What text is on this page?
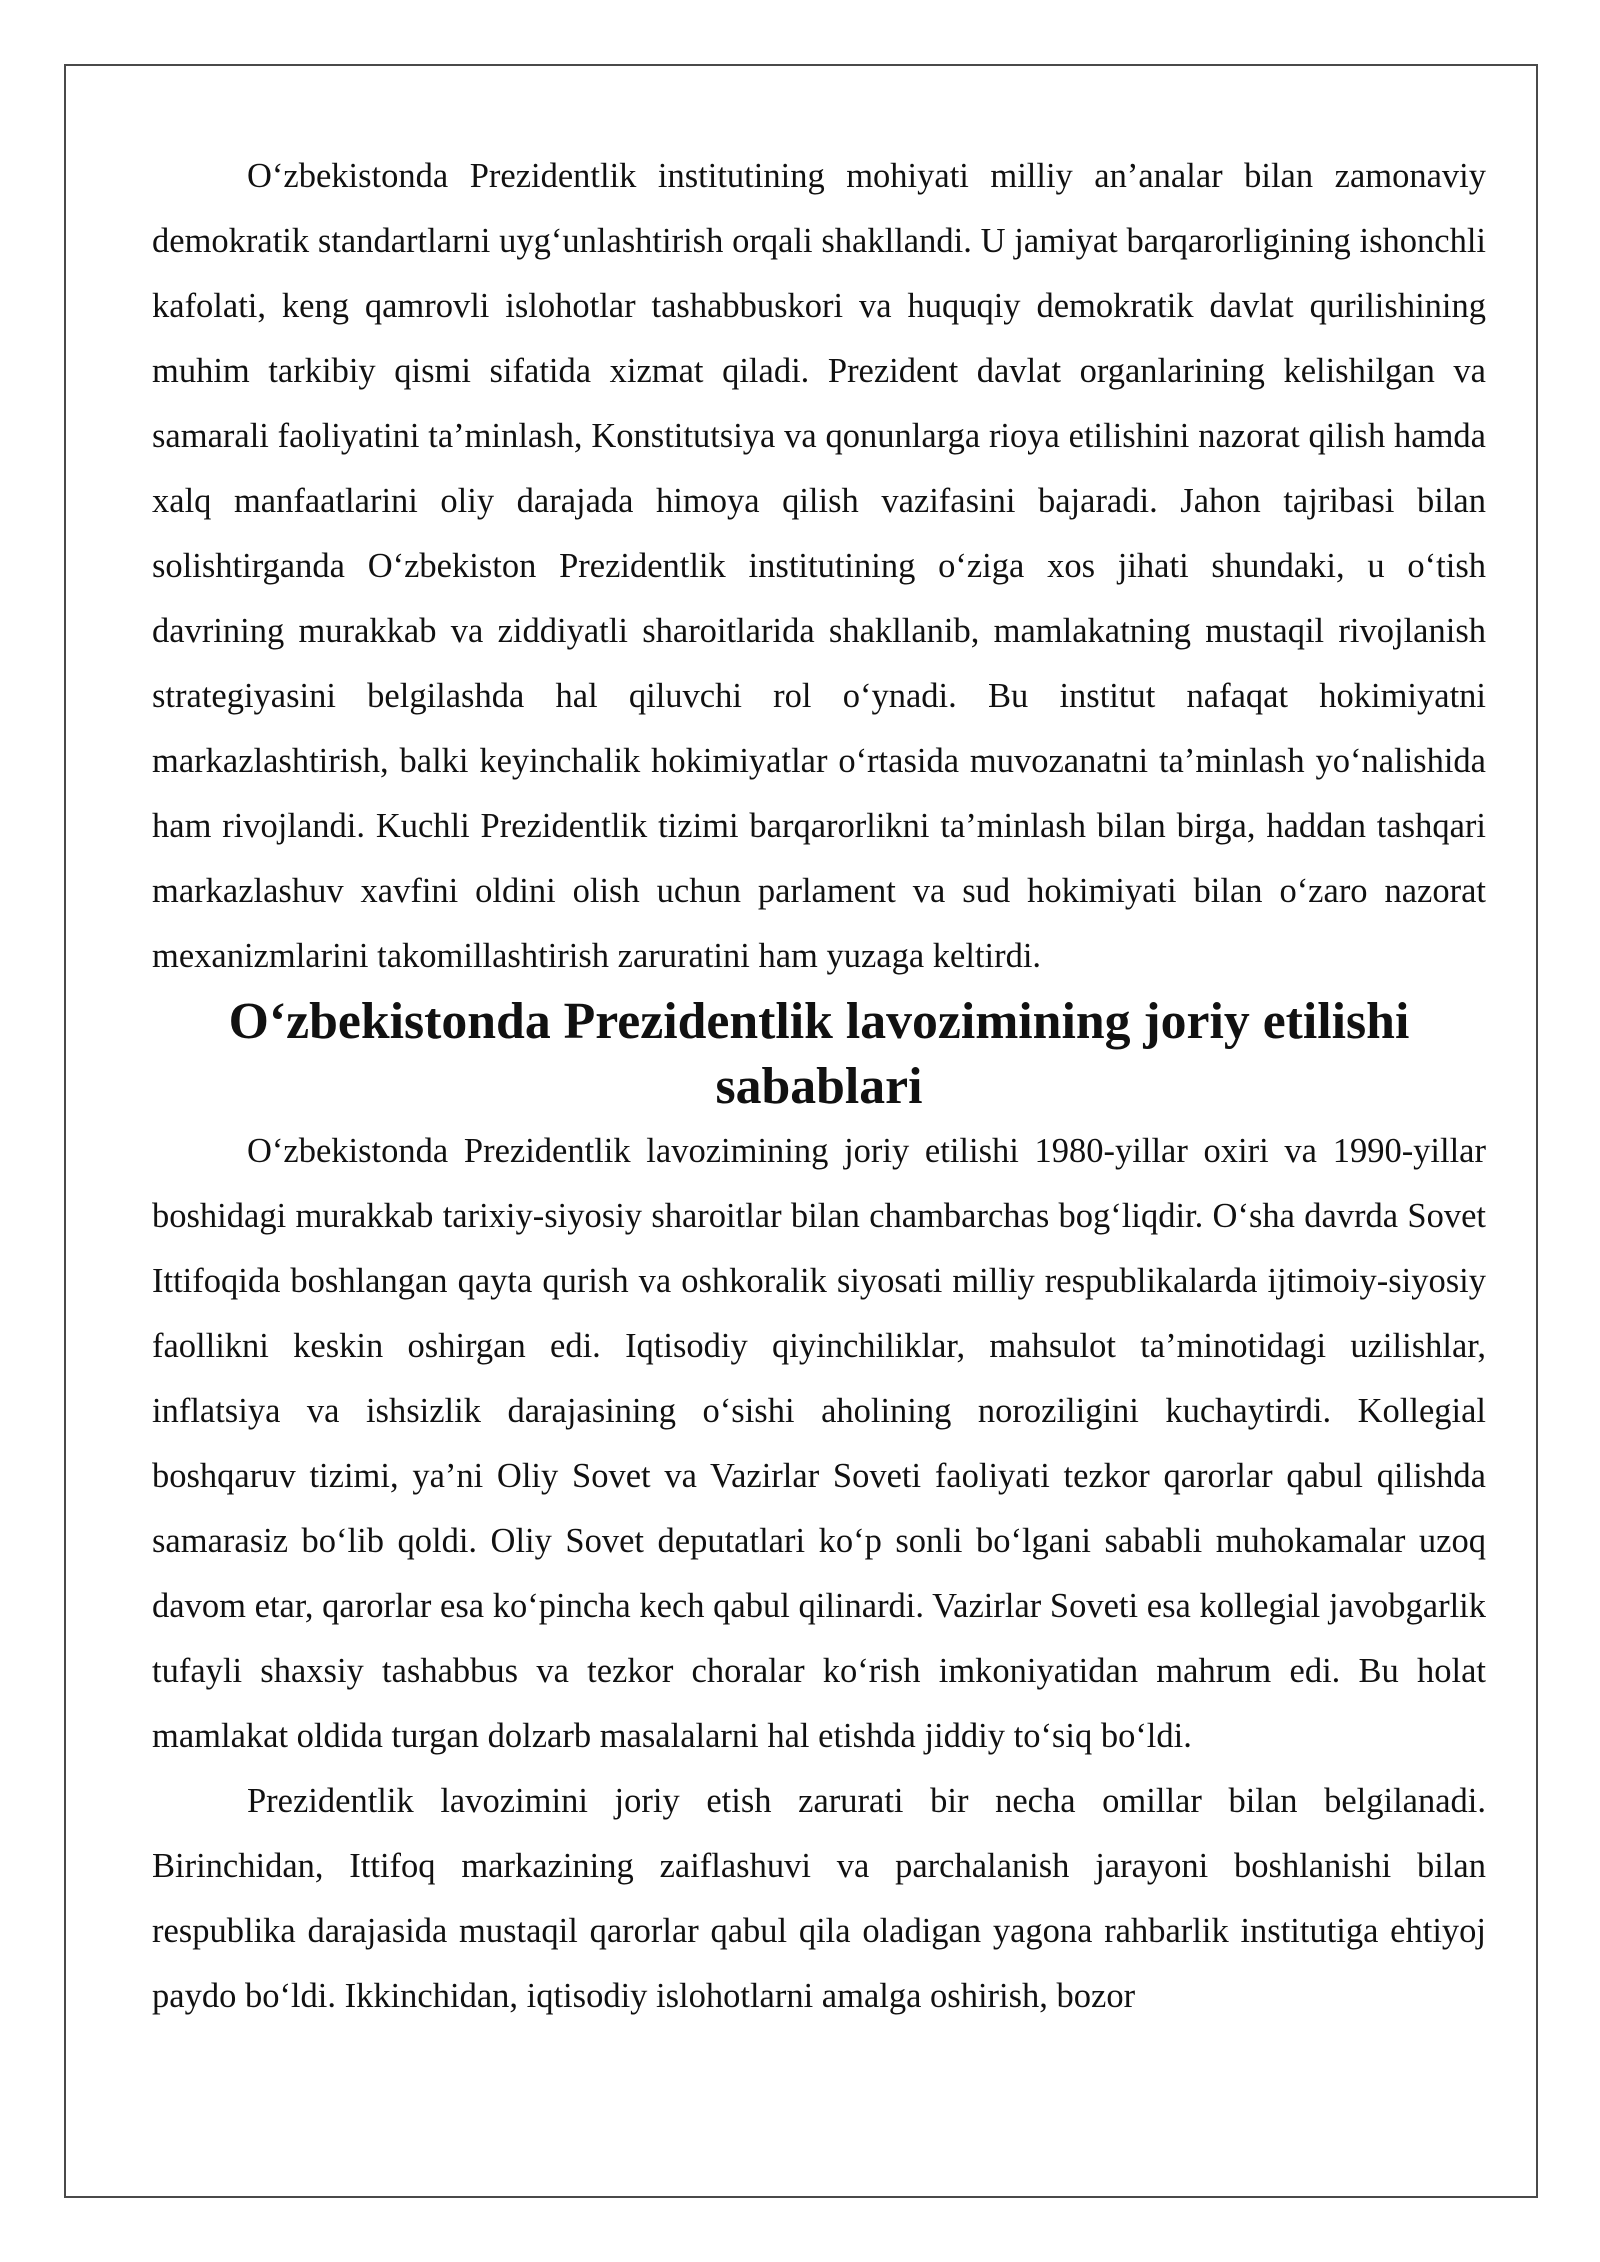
O‘zbekistonda Prezidentlik institutining mohiyati milliy an’analar bilan zamonaviy demokratik standartlarni uyg‘unlashtirish orqali shakllandi. U jamiyat barqarorligining ishonchli kafolati, keng qamrovli islohotlar tashabbuskori va huquqiy demokratik davlat qurilishining muhim tarkibiy qismi sifatida xizmat qiladi. Prezident davlat organlarining kelishilgan va samarali faoliyatini ta’minlash, Konstitutsiya va qonunlarga rioya etilishini nazorat qilish hamda xalq manfaatlarini oliy darajada himoya qilish vazifasini bajaradi. Jahon tajribasi bilan solishtirganda O‘zbekiston Prezidentlik institutining o‘ziga xos jihati shundaki, u o‘tish davrining murakkab va ziddiyatli sharoitlarida shakllanib, mamlakatning mustaqil rivojlanish strategiyasini belgilashda hal qiluvchi rol o‘ynadi. Bu institut nafaqat hokimiyatni markazlashtirish, balki keyinchalik hokimiyatlar o‘rtasida muvozanatni ta’minlash yo‘nalishida ham rivojlandi. Kuchli Prezidentlik tizimi barqarorlikni ta’minlash bilan birga, haddan tashqari markazlashuv xavfini oldini olish uchun parlament va sud hokimiyati bilan o‘zaro nazorat mexanizmlarini takomillashtirish zaruratini ham yuzaga keltirdi.

O‘zbekistonda Prezidentlik lavozimining joriy etilishi sabablari

O‘zbekistonda Prezidentlik lavozimining joriy etilishi 1980-yillar oxiri va 1990-yillar boshidagi murakkab tarixiy-siyosiy sharoitlar bilan chambarchas bog‘liqdir. O‘sha davrda Sovet Ittifoqida boshlangan qayta qurish va oshkoralik siyosati milliy respublikalarda ijtimoiy-siyosiy faollikni keskin oshirgan edi. Iqtisodiy qiyinchiliklar, mahsulot ta’minotidagi uzilishlar, inflatsiya va ishsizlik darajasining o‘sishi aholining noroziligini kuchaytirdi. Kollegial boshqaruv tizimi, ya’ni Oliy Sovet va Vazirlar Soveti faoliyati tezkor qarorlar qabul qilishda samarasiz bo‘lib qoldi. Oliy Sovet deputatlari ko‘p sonli bo‘lgani sababli muhokamalar uzoq davom etar, qarorlar esa ko‘pincha kech qabul qilinardi. Vazirlar Soveti esa kollegial javobgarlik tufayli shaxsiy tashabbus va tezkor choralar ko‘rish imkoniyatidan mahrum edi. Bu holat mamlakat oldida turgan dolzarb masalalarni hal etishda jiddiy to‘siq bo‘ldi.

Prezidentlik lavozimini joriy etish zarurati bir necha omillar bilan belgilanadi. Birinchidan, Ittifoq markazining zaiflashuvi va parchalanish jarayoni boshlanishi bilan respublika darajasida mustaqil qarorlar qabul qila oladigan yagona rahbarlik institutiga ehtiyoj paydo bo‘ldi. Ikkinchidan, iqtisodiy islohotlarni amalga oshirish, bozor
